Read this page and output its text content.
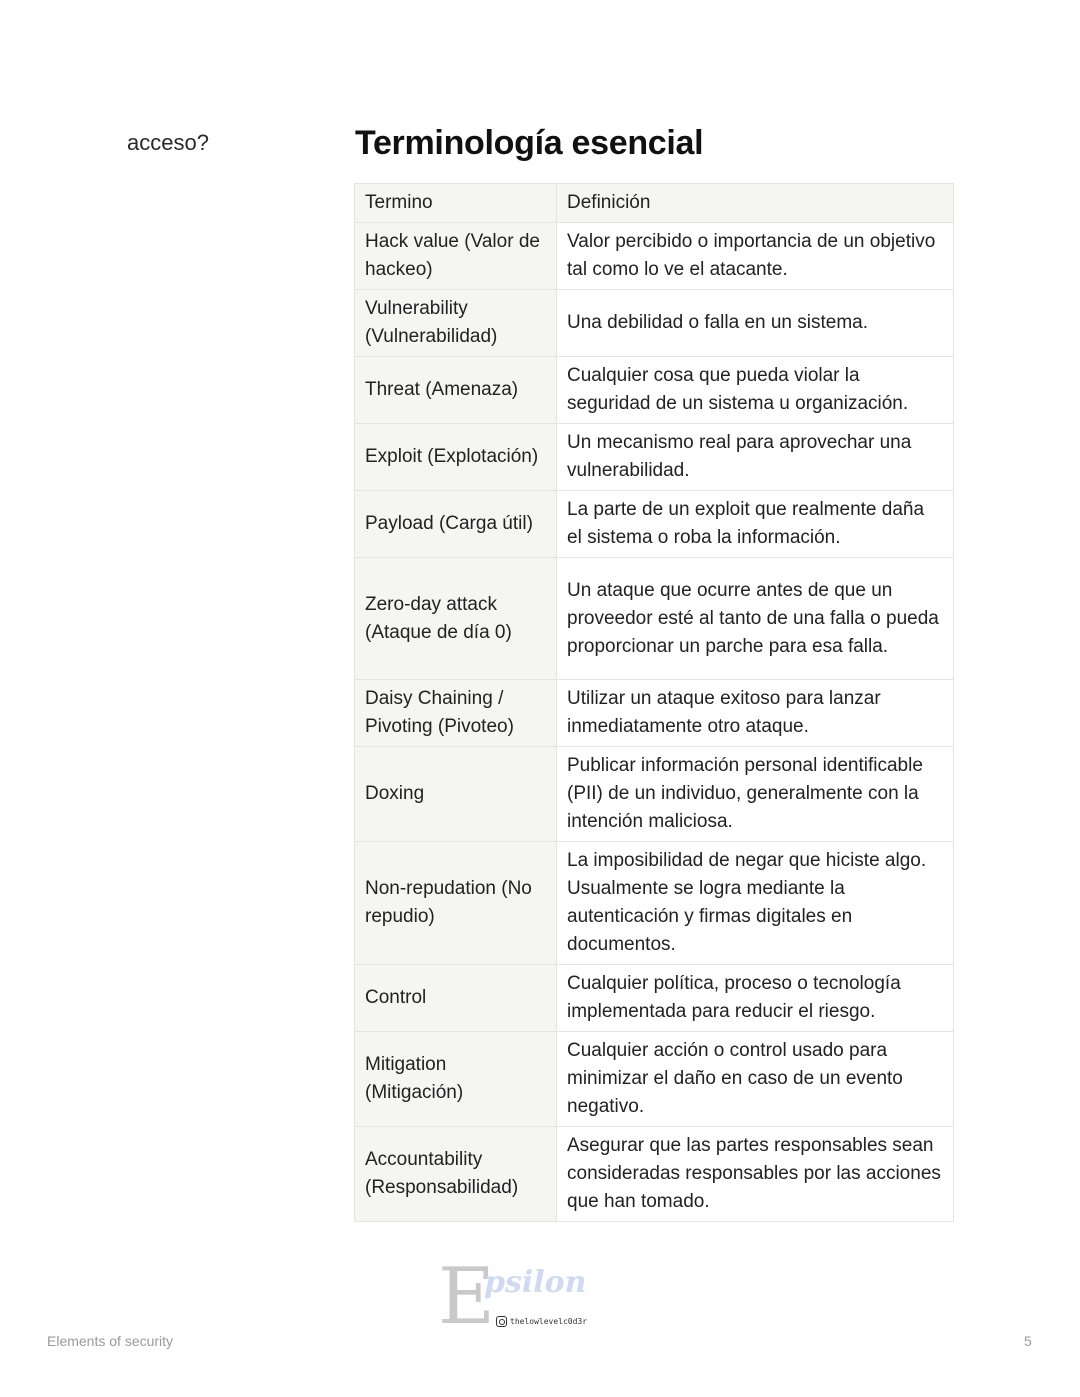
acceso?	Terminología esencial
Termino	Definición
Hack value (Valor de hackeo)	Valor percibido o importancia de un objetivo tal como lo ve el atacante.
Vulnerability (Vulnerabilidad)	Una debilidad o falla en un sistema.
Threat (Amenaza)	Cualquier cosa que pueda violar la seguridad de un sistema u organización.
Exploit (Explotación)	Un mecanismo real para aprovechar una vulnerabilidad.
Payload (Carga útil)	La parte de un exploit que realmente daña el sistema o roba la información.
Zero-day attack (Ataque de día 0)	Un ataque que ocurre antes de que un proveedor esté al tanto de una falla o pueda proporcionar un parche para esa falla.
Daisy Chaining / Pivoting (Pivoteo)	Utilizar un ataque exitoso para lanzar inmediatamente otro ataque.
Doxing	Publicar información personal identificable (PII) de un individuo, generalmente con la intención maliciosa.
Non-repudation (No repudio)	La imposibilidad de negar que hiciste algo. Usualmente se logra mediante la autenticación y firmas digitales en documentos.
Control	Cualquier política, proceso o tecnología implementada para reducir el riesgo.
Mitigation (Mitigación)	Cualquier acción o control usado para minimizar el daño en caso de un evento negativo.
Accountability (Responsabilidad)	Asegurar que las partes responsables sean consideradas responsables por las acciones que han tomado.
E
psilon
thelowlevelc0d3r
Elements of security	5
